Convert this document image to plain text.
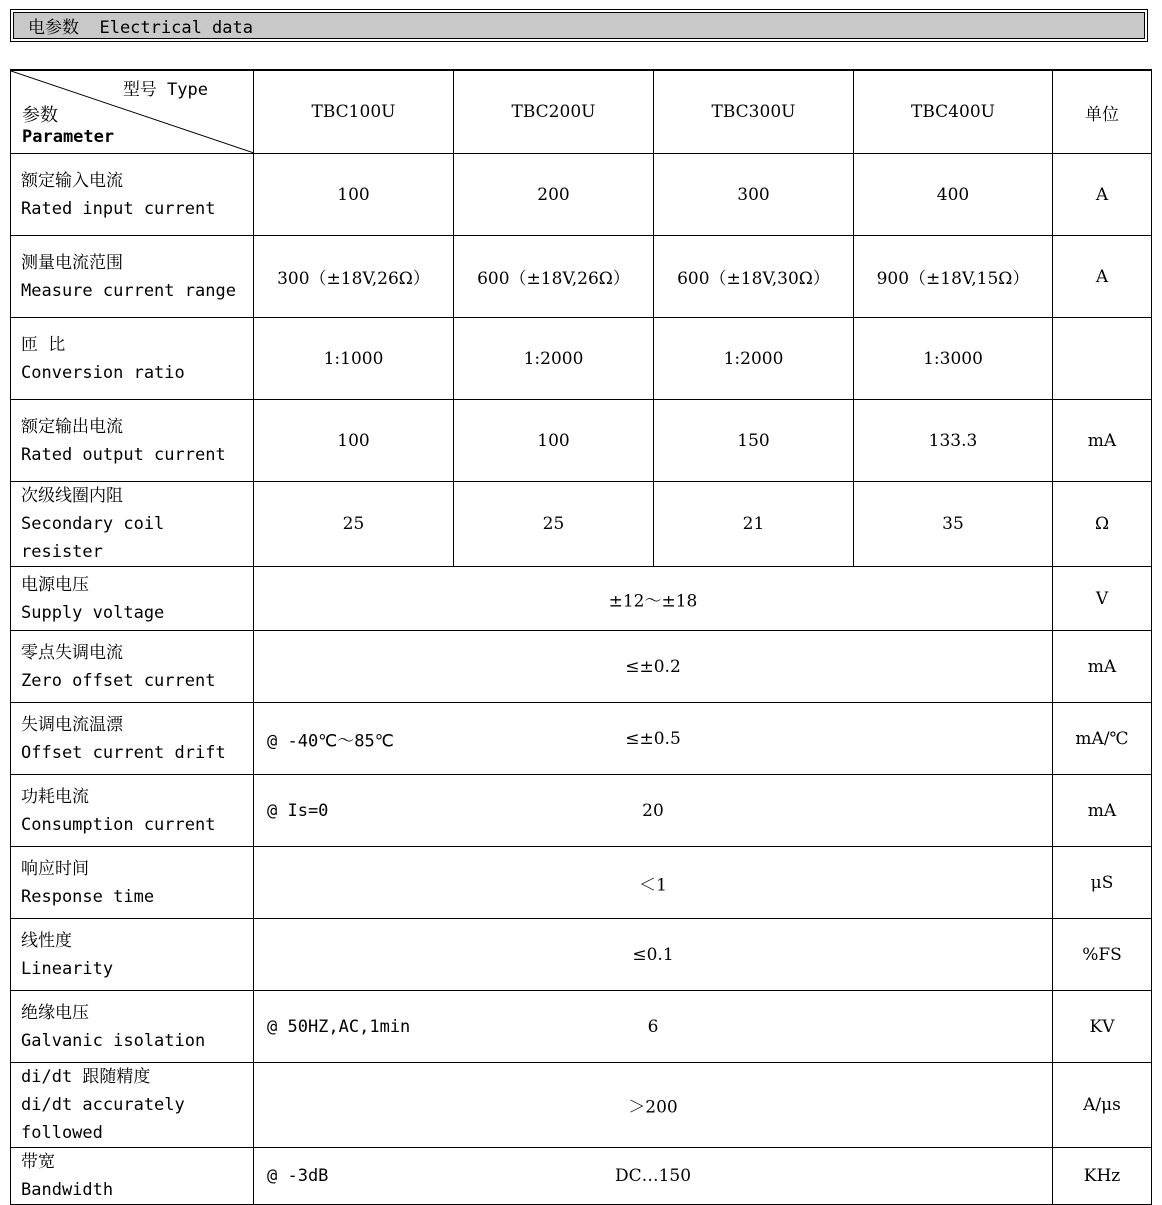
电参数  Electrical data
型号 Type
参数
Parameter	TBC100U	TBC200U	TBC300U	TBC400U	单位

额定输入电流
Rated input current	100	200	300	400	A

测量电流范围
Measure current range	300（±18V,26Ω）	600（±18V,26Ω）	600（±18V,30Ω）	900（±18V,15Ω）	A

匝 比
Conversion ratio	1:1000	1:2000	1:2000	1:3000	

额定输出电流
Rated output current	100	100	150	133.3	mA

次级线圈内阻
Secondary coil
resister	25	25	21	35	Ω

电源电压
Supply voltage	±12～±18				V

零点失调电流
Zero offset current	≤±0.2				mA

失调电流温漂
Offset current drift	@ -40℃～85℃ ≤±0.5				mA/℃

功耗电流
Consumption current	@ Is=0 20				mA

响应时间
Response time	＜1				μS

线性度
Linearity	≤0.1				%FS

绝缘电压
Galvanic isolation	@ 50HZ,AC,1min 6				KV

di/dt 跟随精度
di/dt accurately
followed	＞200				A/μs

带宽
Bandwidth	@ -3dB DC…150				KHz
